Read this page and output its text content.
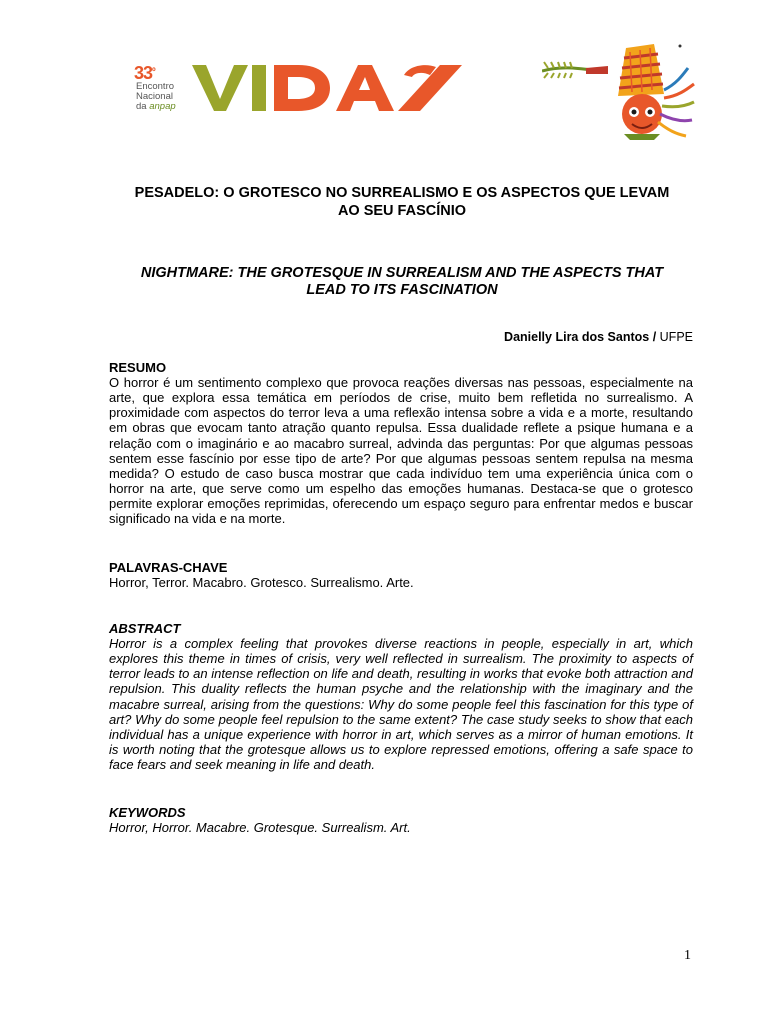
$33^º$
Encontro
Nacional
da anpap
PESADELO: O GROTESCO NO SURREALISMO E OS ASPECTOS QUE LEVAM
AO SEU FASCÍNIO
NIGHTMARE: THE GROTESQUE IN SURREALISM AND THE ASPECTS THAT
LEAD TO ITS FASCINATION
Danielly Lira dos Santos / UFPE

RESUMO

O horror é um sentimento complexo que provoca reações diversas nas pessoas, especialmente na arte, que explora essa temática em períodos de crise, muito bem refletida no surrealismo. A proximidade com aspectos do terror leva a uma reflexão intensa sobre a vida e a morte, resultando em obras que evocam tanto atração quanto repulsa. Essa dualidade reflete a psique humana e a relação com o imaginário e ao macabro surreal, advinda das perguntas: Por que algumas pessoas sentem esse fascínio por esse tipo de arte? Por que algumas pessoas sentem repulsa na mesma medida? O estudo de caso busca mostrar que cada indivíduo tem uma experiência única com o horror na arte, que serve como um espelho das emoções humanas. Destaca-se que o grotesco permite explorar emoções reprimidas, oferecendo um espaço seguro para enfrentar medos e buscar significado na vida e na morte.

PALAVRAS-CHAVE

Horror, Terror. Macabro. Grotesco. Surrealismo. Arte.

ABSTRACT

Horror is a complex feeling that provokes diverse reactions in people, especially in art, which explores this theme in times of crisis, very well reflected in surrealism. The proximity to aspects of terror leads to an intense reflection on life and death, resulting in works that evoke both attraction and repulsion. This duality reflects the human psyche and the relationship with the imaginary and the macabre surreal, arising from the questions: Why do some people feel this fascination for this type of art? Why do some people feel repulsion to the same extent? The case study seeks to show that each individual has a unique experience with horror in art, which serves as a mirror of human emotions. It is worth noting that the grotesque allows us to explore repressed emotions, offering a safe space to face fears and seek meaning in life and death.

KEYWORDS

Horror, Horror. Macabre. Grotesque. Surrealism. Art.

1
